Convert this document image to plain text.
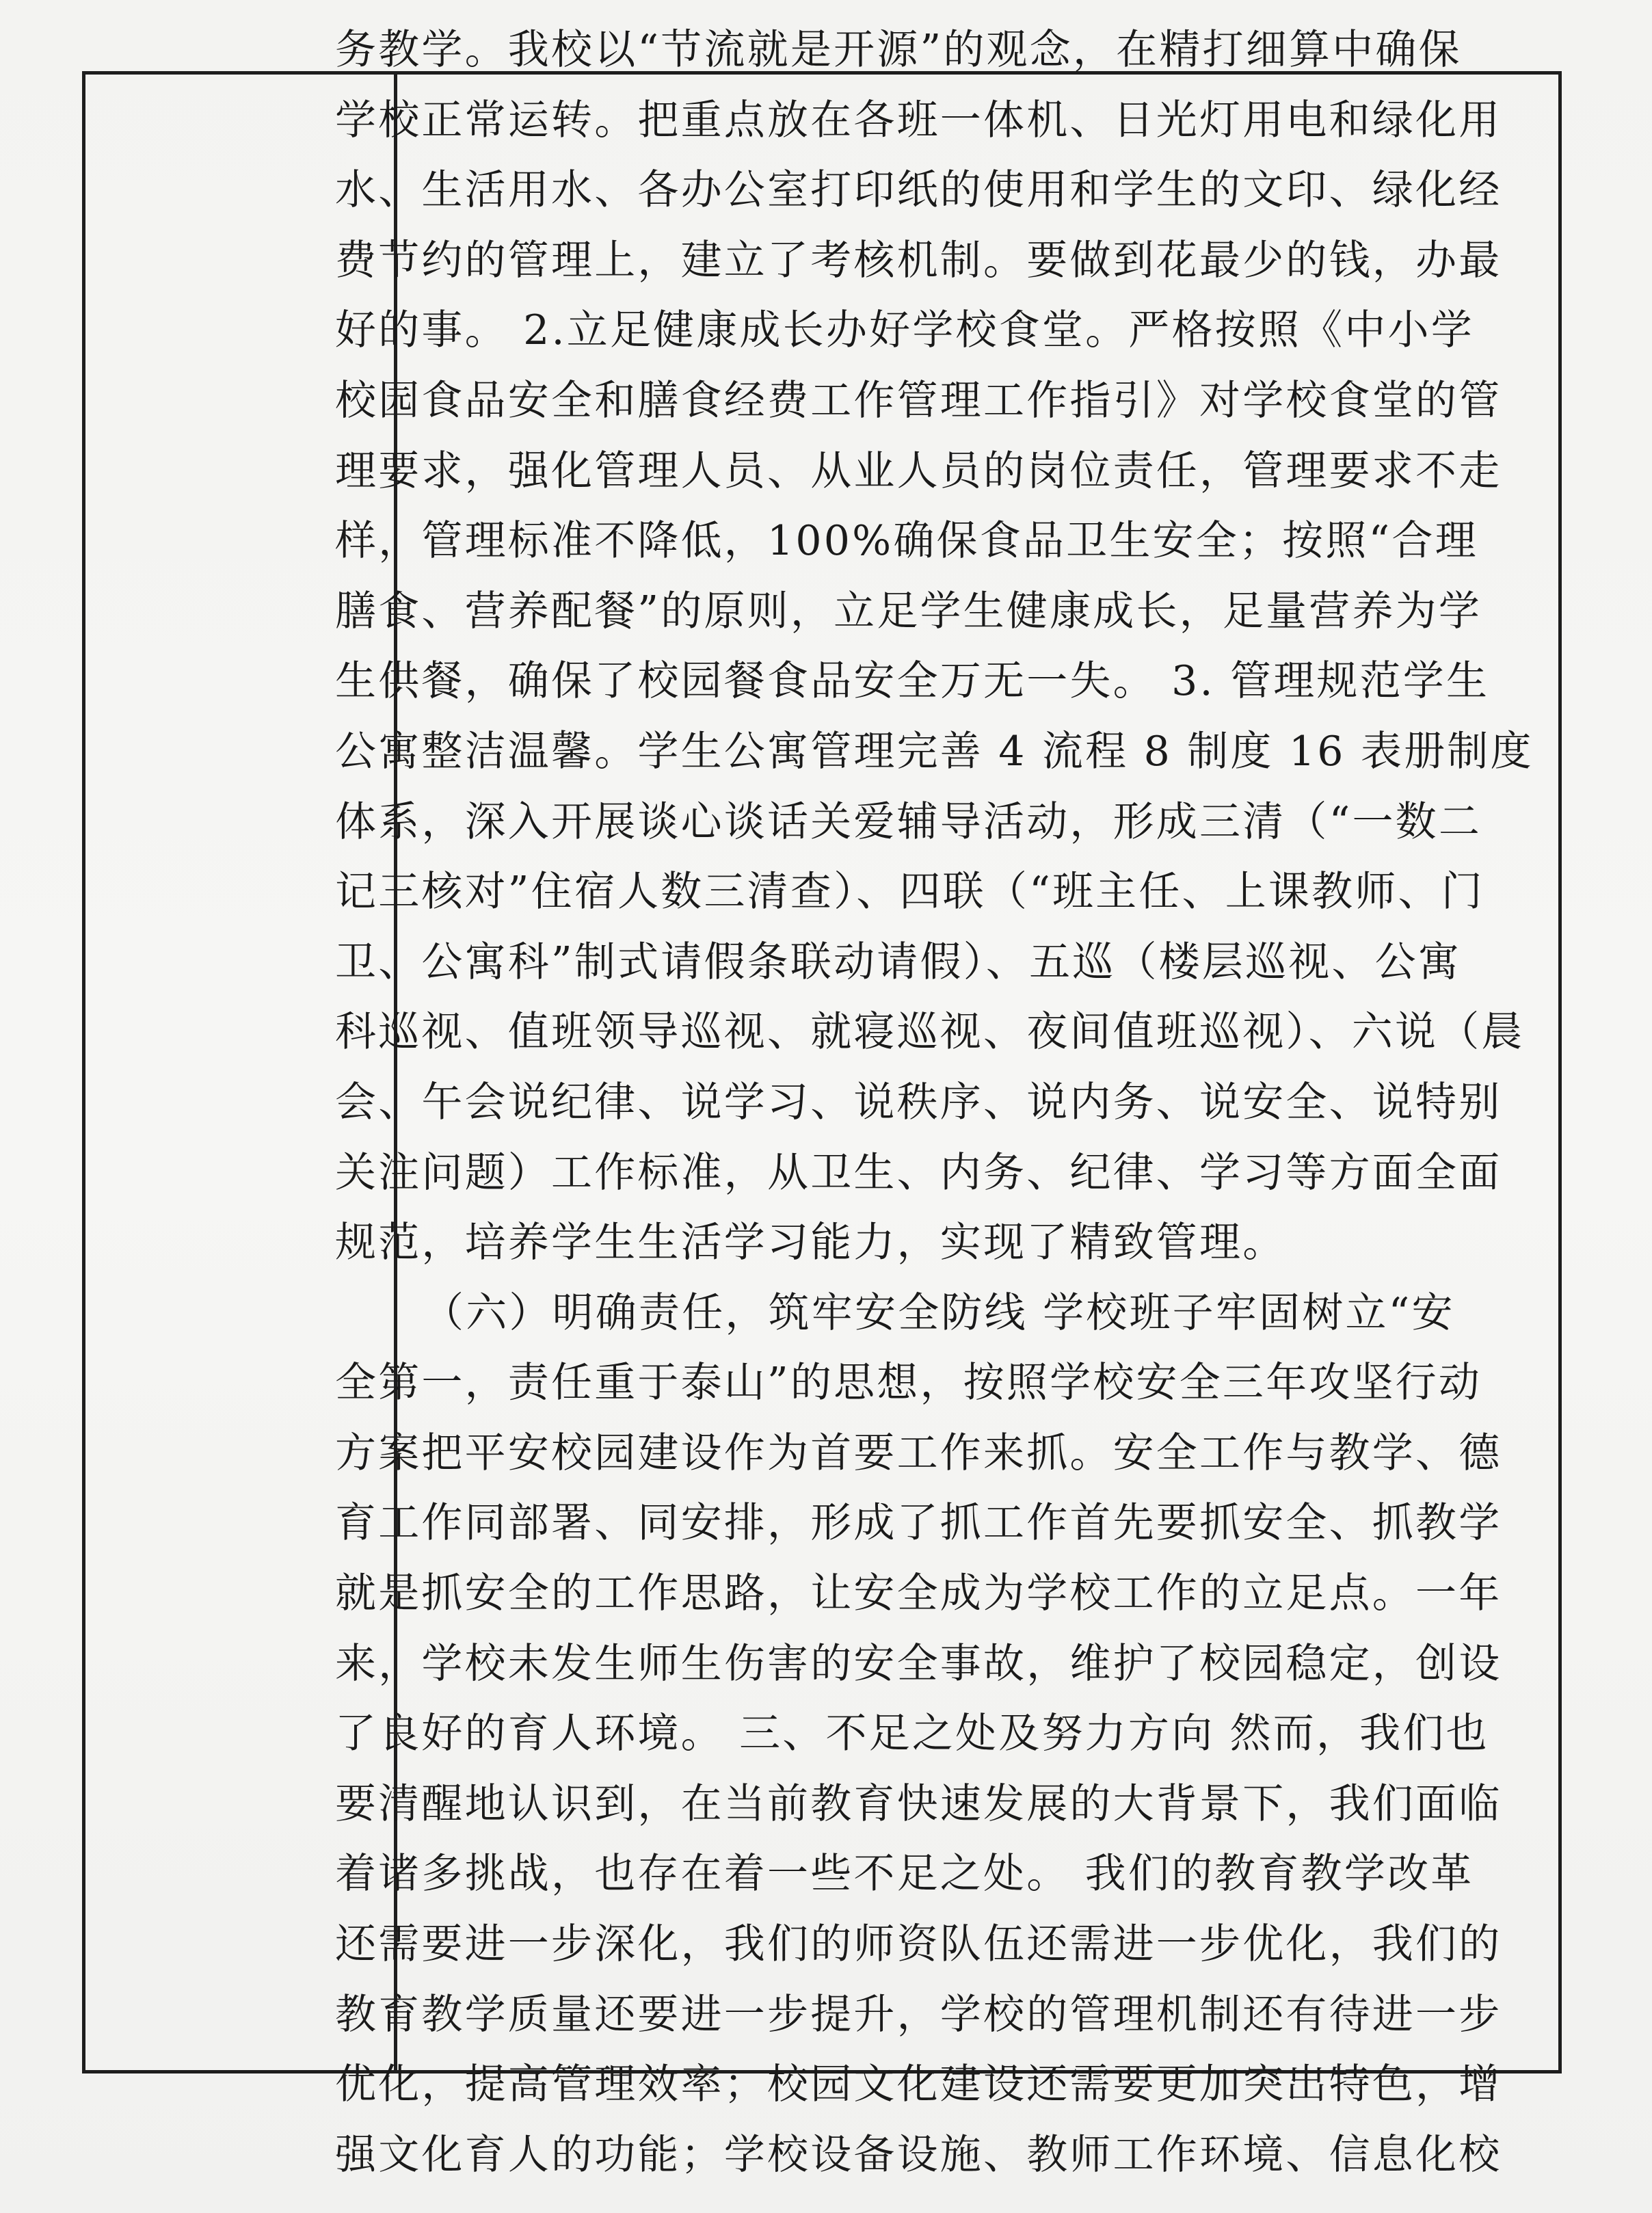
务教学。我校以“节流就是开源”的观念，在精打细算中确保
学校正常运转。把重点放在各班一体机、日光灯用电和绿化用
水、生活用水、各办公室打印纸的使用和学生的文印、绿化经
费节约的管理上，建立了考核机制。要做到花最少的钱，办最
好的事。 2.立足健康成长办好学校食堂。严格按照《中小学
校园食品安全和膳食经费工作管理工作指引》对学校食堂的管
理要求，强化管理人员、从业人员的岗位责任，管理要求不走
样，管理标准不降低，100%确保食品卫生安全；按照“合理
膳食、营养配餐”的原则，立足学生健康成长，足量营养为学
生供餐，确保了校园餐食品安全万无一失。 3. 管理规范学生
公寓整洁温馨。学生公寓管理完善 4 流程 8 制度 16 表册制度
体系，深入开展谈心谈话关爱辅导活动，形成三清（“一数二
记三核对”住宿人数三清查）、四联（“班主任、上课教师、门
卫、公寓科”制式请假条联动请假）、五巡（楼层巡视、公寓
科巡视、值班领导巡视、就寝巡视、夜间值班巡视）、六说（晨
会、午会说纪律、说学习、说秩序、说内务、说安全、说特别
关注问题）工作标准，从卫生、内务、纪律、学习等方面全面
规范，培养学生生活学习能力，实现了精致管理。
（六）明确责任，筑牢安全防线 学校班子牢固树立“安
全第一，责任重于泰山”的思想，按照学校安全三年攻坚行动
方案把平安校园建设作为首要工作来抓。安全工作与教学、德
育工作同部署、同安排，形成了抓工作首先要抓安全、抓教学
就是抓安全的工作思路，让安全成为学校工作的立足点。一年
来，学校未发生师生伤害的安全事故，维护了校园稳定，创设
了良好的育人环境。 三、不足之处及努力方向 然而，我们也
要清醒地认识到，在当前教育快速发展的大背景下，我们面临
着诸多挑战，也存在着一些不足之处。 我们的教育教学改革
还需要进一步深化，我们的师资队伍还需进一步优化，我们的
教育教学质量还要进一步提升，学校的管理机制还有待进一步
优化，提高管理效率；校园文化建设还需要更加突出特色，增
强文化育人的功能；学校设备设施、教师工作环境、信息化校
